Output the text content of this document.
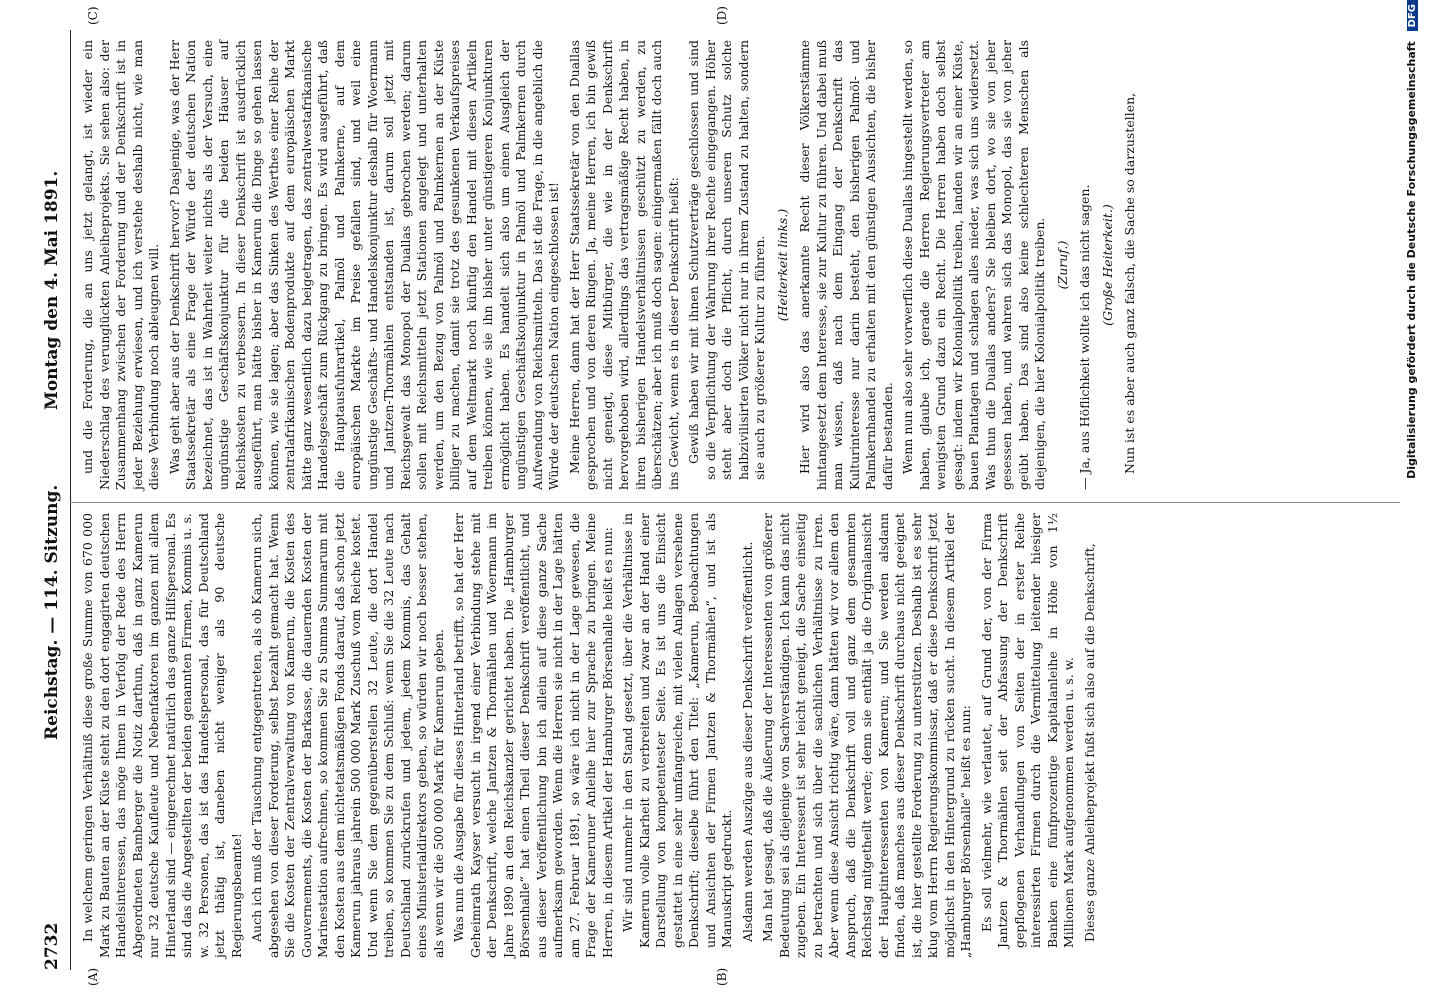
2732
Reichstag. — 114. Sitzung.
Montag den 4. Mai 1891.
(A)	(B)
(C)	(D)

In welchem geringen Verhältniß diese große Summe von 670 000 Mark zu Bauten an der Küste steht zu den dort engagirten deutschen Handelsinteressen, das möge Ihnen in Verfolg der Rede des Herrn Abgeordneten Bamberger die Notiz darthun, daß in ganz Kamerun nur 32 deutsche Kaufleute und Nebenfaktoren im ganzen mit allem Hinterland sind — eingerechnet natürlich das ganze Hilfspersonal. Es sind das die Angestellten der beiden genannten Firmen, Kommis u. s. w. 32 Personen, das ist das Handelspersonal, das für Deutschland jetzt thätig ist, daneben nicht weniger als 90 deutsche Regierungsbeamte! Auch ich muß der Täuschung entgegentreten, als ob Kamerun sich, abgesehen von dieser Forderung, selbst bezahlt gemacht hat. Wenn Sie die Kosten der Zentralverwaltung von Kamerun, die Kosten des Gouvernements, die Kosten der Barkasse, die dauernden Kosten der Marinestation aufrechnen, so kommen Sie zu Summa Summarum mit den Kosten aus dem nichtetatsmäßigen Fonds darauf, daß schon jetzt Kamerun jahraus jahrein 500 000 Mark Zuschuß vom Reiche kostet. Und wenn Sie dem gegenüberstellen 32 Leute, die dort Handel treiben, so kommen Sie zu dem Schluß: wenn Sie die 32 Leute nach Deutschland zurückrufen und jedem, jedem Kommis, das Gehalt eines Ministerialdirektors geben, so würden wir noch besser stehen, als wenn wir die 500 000 Mark für Kamerun geben. Was nun die Ausgabe für dieses Hinterland betrifft, so hat der Herr Geheimrath Kayser versucht in irgend einer Verbindung stehe mit der Denkschrift, welche Jantzen & Thormählen und Woermann im Jahre 1890 an den Reichskanzler gerichtet haben. Die „Hamburger Börsenhalle“ hat einen Theil dieser Denkschrift veröffentlicht, und aus dieser Veröffentlichung bin ich allein auf diese ganze Sache aufmerksam geworden. Wenn die Herren sie nicht in der Lage hätten am 27. Februar 1891, so wäre ich nicht in der Lage gewesen, die Frage der Kameruner Anleihe hier zur Sprache zu bringen. Meine Herren, in diesem Artikel der Hamburger Börsenhalle heißt es nun: Wir sind nunmehr in den Stand gesetzt, über die Verhältnisse in Kamerun volle Klarheit zu verbreiten und zwar an der Hand einer Darstellung von kompetentester Seite. Es ist uns die Einsicht gestattet in eine sehr umfangreiche, mit vielen Anlagen versehene Denkschrift; dieselbe führt den Titel: „Kamerun, Beobachtungen und Ansichten der Firmen Jantzen & Thormählen“, und ist als Manuskript gedruckt. Alsdann werden Auszüge aus dieser Denkschrift veröffentlicht. Man hat gesagt, daß die Äußerung der Interessenten von größerer Bedeutung sei als diejenige von Sachverständigen. Ich kann das nicht zugeben. Ein Interessent ist sehr leicht geneigt, die Sache einseitig zu betrachten und sich über die sachlichen Verhältnisse zu irren. Aber wenn diese Ansicht richtig wäre, dann hätten wir vor allem den Anspruch, daß die Denkschrift voll und ganz dem gesammten Reichstag mitgetheilt werde; denn sie enthält ja die Originalansicht der Hauptinteressenten von Kamerun; und Sie werden alsdann finden, daß manches aus dieser Denkschrift durchaus nicht geeignet ist, die hier gestellte Forderung zu unterstützen. Deshalb ist es sehr klug vom Herrn Regierungskommissar, daß er diese Denkschrift jetzt möglichst in den Hintergrund zu rücken sucht. In diesem Artikel der „Hamburger Börsenhalle“ heißt es nun: Es soll vielmehr, wie verlautet, auf Grund der, von der Firma Jantzen & Thormählen seit der Abfassung der Denkschrift gepflogenen Verhandlungen von Seiten der in erster Reihe interessirten Firmen durch die Vermittelung leitender hiesiger Banken eine fünfprozentige Kapitalanleihe in Höhe von 1½ Millionen Mark aufgenommen werden u. s. w. Dieses ganze Anleiheprojekt fußt sich also auf die Denkschrift,

und die Forderung, die an uns jetzt gelangt, ist wieder ein Niederschlag des verunglückten Anleiheprojekts. Sie sehen also: der Zusammenhang zwischen der Forderung und der Denkschrift ist in jeder Beziehung erwiesen, und ich verstehe deshalb nicht, wie man diese Verbindung noch ableugnen will. Was geht aber aus der Denkschrift hervor? Dasjenige, was der Herr Staatssekretär als eine Frage der Würde der deutschen Nation bezeichnet, das ist in Wahrheit weiter nichts als der Versuch, eine ungünstige Geschäftskonjunktur für die beiden Häuser auf Reichskosten zu verbessern. In dieser Denkschrift ist ausdrücklich ausgeführt, man hätte bisher in Kamerun die Dinge so gehen lassen können, wie sie lagen; aber das Sinken des Werthes einer Reihe der zentralafrikanischen Bodenprodukte auf dem europäischen Markt hätte ganz wesentlich dazu beigetragen, das zentralwestafrikanische Handelsgeschäft zum Rückgang zu bringen. Es wird ausgeführt, daß die Hauptausfuhrartikel, Palmöl und Palmkerne, auf dem europäischen Markte im Preise gefallen sind, und weil eine ungünstige Geschäfts- und Handelskonjunktur deshalb für Woermann und Jantzen-Thormählen entstanden ist, darum soll jetzt mit Reichsgewalt das Monopol der Duallas gebrochen werden; darum sollen mit Reichsmitteln jetzt Stationen angelegt und unterhalten werden, um den Bezug von Palmöl und Palmkernen an der Küste billiger zu machen, damit sie trotz des gesunkenen Verkaufspreises auf dem Weltmarkt noch künftig den Handel mit diesen Artikeln treiben können, wie sie ihn bisher unter günstigeren Konjunkturen ermöglicht haben. Es handelt sich also um einen Ausgleich der ungünstigen Geschäftskonjunktur in Palmöl und Palmkernen durch Aufwendung von Reichsmitteln. Das ist die Frage, in die angeblich die Würde der deutschen Nation eingeschlossen ist! Meine Herren, dann hat der Herr Staatssekretär von den Duallas gesprochen und von deren Ringen. Ja, meine Herren, ich bin gewiß nicht geneigt, diese Mitbürger, die wie in der Denkschrift hervorgehoben wird, allerdings das vertragsmäßige Recht haben, in ihren bisherigen Handelsverhältnissen geschützt zu werden, zu überschätzen; aber ich muß doch sagen: einigermaßen fällt doch auch ins Gewicht, wenn es in dieser Denkschrift heißt: Gewiß haben wir mit ihnen Schutzverträge geschlossen und sind so die Verpflichtung der Wahrung ihrer Rechte eingegangen. Höher steht aber doch die Pflicht, durch unseren Schutz solche halbzivilisirten Völker nicht nur in ihrem Zustand zu halten, sondern sie auch zu größerer Kultur zu führen. (Heiterkeit links.) Hier wird also das anerkannte Recht dieser Völkerstämme hintangesetzt dem Interesse, sie zur Kultur zu führen. Und dabei muß man wissen, daß nach dem Eingang der Denkschrift das Kulturinteresse nur darin besteht, den bisherigen Palmöl- und Palmkernhandel zu erhalten mit den günstigen Aussichten, die bisher dafür bestanden. Wenn nun also sehr vorwerflich diese Duallas hingestellt werden, so haben, glaube ich, gerade die Herren Regierungsvertreter am wenigsten Grund dazu ein Recht. Die Herren haben doch selbst gesagt: indem wir Kolonialpolitik treiben, landen wir an einer Küste, bauen Plantagen und schlagen alles nieder, was sich uns widersetzt. Was thun die Duallas anders? Sie bleiben dort, wo sie von jeher gesessen haben, und wahren sich das Monopol, das sie von jeher geübt haben. Das sind also keine schlechteren Menschen als diejenigen, die hier Kolonialpolitik treiben. (Zuruf.) — Ja, aus Höflichkeit wollte ich das nicht sagen. (Große Heiterkeit.) Nun ist es aber auch ganz falsch, die Sache so darzustellen,	Digitalisierung gefördert durch die Deutsche Forschungsgemeinschaft DFG
